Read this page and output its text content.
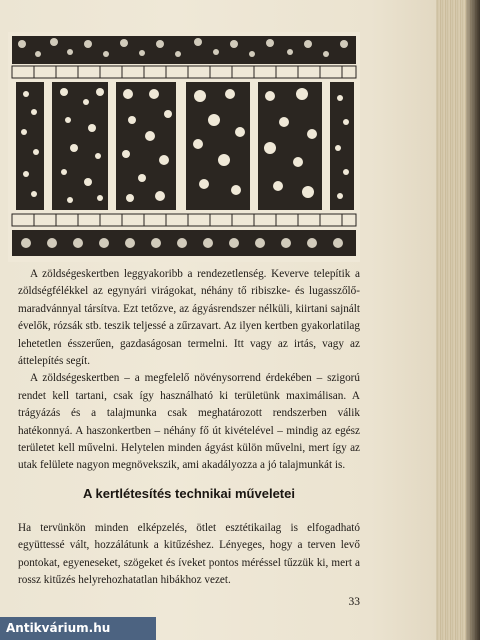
A zöldségeskertben leggyakoribb a rendezetlenség. Keverve telepítik a zöldségfélékkel az egynyári virágokat, néhány tő ribiszke- és lugasszőlő-maradvánnyal társítva. Ezt tetőzve, az ágyásrendszer nélküli, kiirtani sajnált évelők, rózsák stb. teszik teljessé a zűrzavart. Az ilyen kertben gyakorlatilag lehetetlen ésszerűen, gazdaságosan termelni. Itt vagy az irtás, vagy az áttelepítés segít.

A zöldségeskertben – a megfelelő növénysorrend érdekében – szigorú rendet kell tartani, csak így használható ki területünk maximálisan. A trágyázás és a talajmunka csak meghatározott rendszerben válik hatékonnyá. A haszonkertben – néhány fő út kivételével – mindig az egész területet kell művelni. Helytelen minden ágyást külön művelni, mert így az utak felülete nagyon megnövekszik, ami akadályozza a jó talajmunkát is.

A kertlétesítés technikai műveletei

Ha tervünkön minden elképzelés, ötlet esztétikailag is elfogadható együttessé vált, hozzálátunk a kitűzéshez. Lényeges, hogy a terven levő pontokat, egyeneseket, szögeket és íveket pontos méréssel tűzzük ki, mert a rossz kitűzés helyrehozhatatlan hibákhoz vezet.

33
Antikvárium.hu
